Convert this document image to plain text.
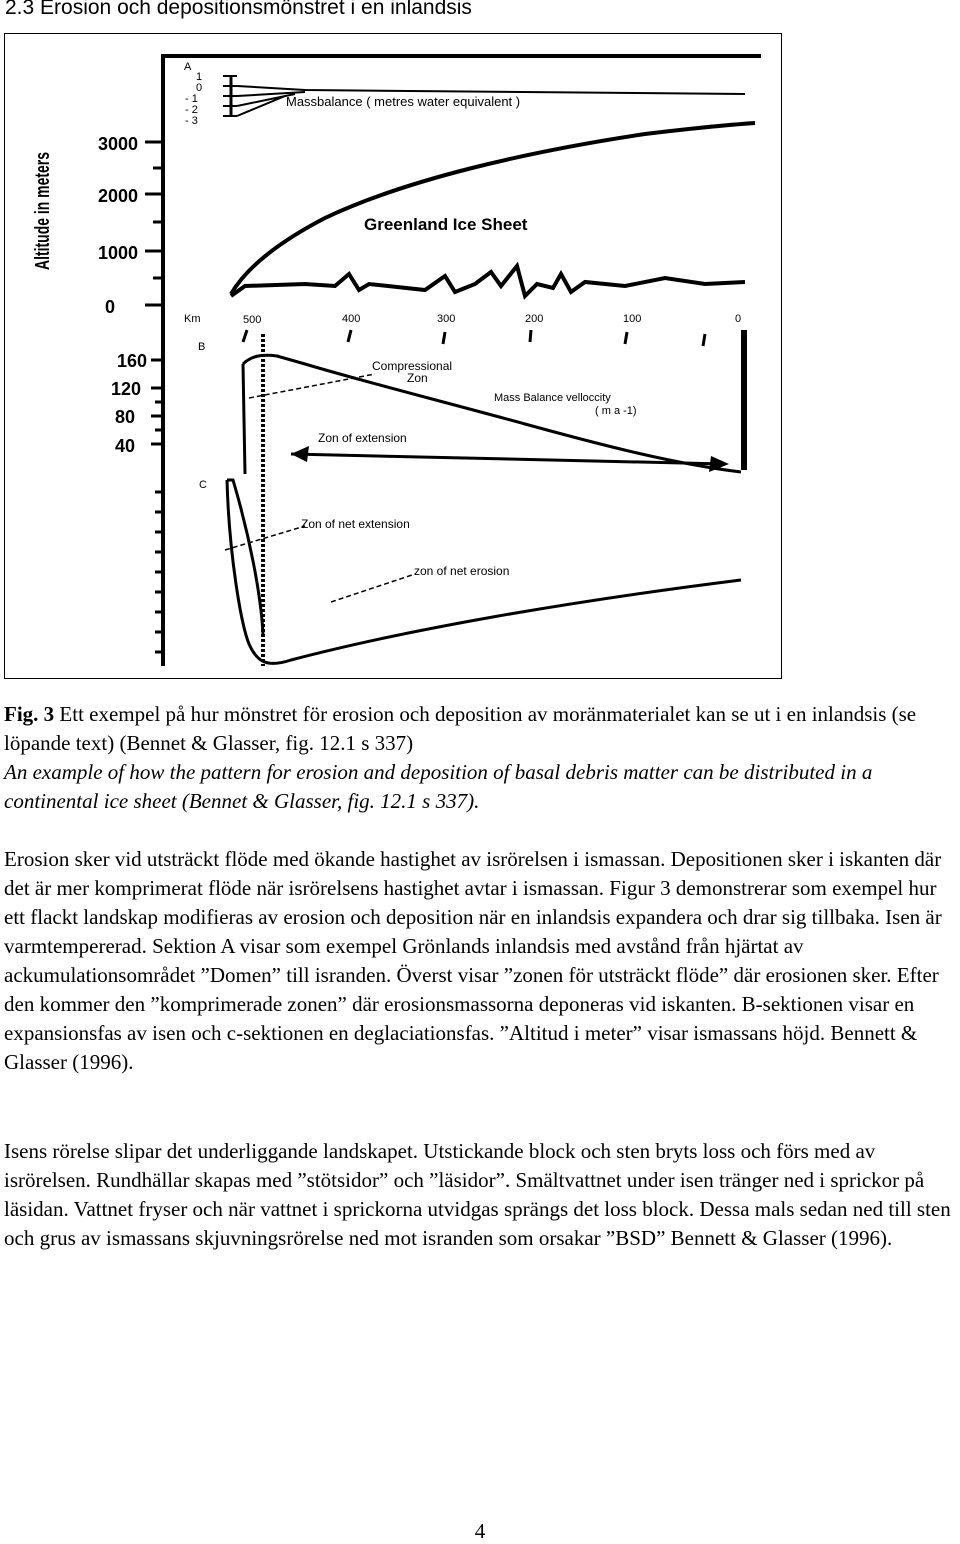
2.3 Erosion och depositionsmönstret i en inlandsis
Altitude in meters 3000
2000
1000
0
160
120
80
40
A
1
0
- 1
- 2
- 3
Massbalance ( metres water equivalent )
Greenland Ice Sheet
Km	500	400	300	200	100	0
B
Compressional Zon
Mass Balance velloccity ( m a -1)
Zon of extension
C
Zon of net extension
zon of net erosion
Fig. 3 Ett exempel på hur mönstret för erosion och deposition av moränmaterialet kan se ut i en inlandsis (se löpande text) (Bennet & Glasser, fig. 12.1 s 337)
An example of how the pattern for erosion and deposition of basal debris matter can be distributed in a continental ice sheet (Bennet & Glasser, fig. 12.1 s 337).
Erosion sker vid utsträckt flöde med ökande hastighet av isrörelsen i ismassan. Depositionen sker i iskanten där det är mer komprimerat flöde när isrörelsens hastighet avtar i ismassan. Figur 3 demonstrerar som exempel hur ett flackt landskap modifieras av erosion och deposition när en inlandsis expandera och drar sig tillbaka. Isen är varmtempererad. Sektion A visar som exempel Grönlands inlandsis med avstånd från hjärtat av ackumulationsområdet ”Domen” till isranden. Överst visar ”zonen för utsträckt flöde” där erosionen sker. Efter den kommer den ”komprimerade zonen” där erosionsmassorna deponeras vid iskanten. B-sektionen visar en expansionsfas av isen och c-sektionen en deglaciationsfas. ”Altitud i meter” visar ismassans höjd. Bennett & Glasser (1996).
Isens rörelse slipar det underliggande landskapet. Utstickande block och sten bryts loss och förs med av isrörelsen. Rundhällar skapas med ”stötsidor” och ”läsidor”. Smältvattnet under isen tränger ned i sprickor på läsidan. Vattnet fryser och när vattnet i sprickorna utvidgas sprängs det loss block. Dessa mals sedan ned till sten och grus av ismassans skjuvningsrörelse ned mot isranden som orsakar ”BSD” Bennett & Glasser (1996).
4
